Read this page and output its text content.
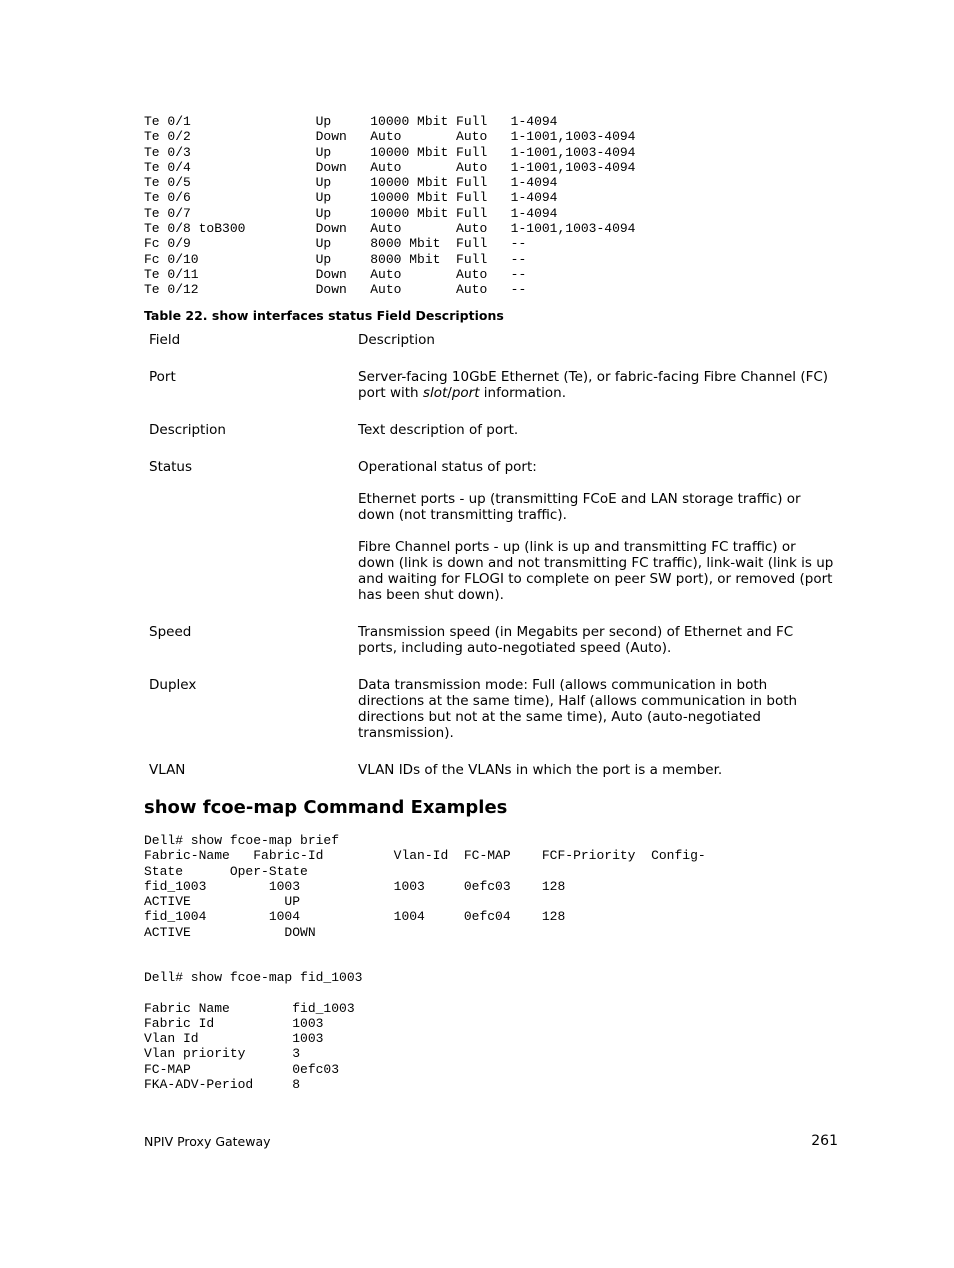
Te 0/1                Up     10000 Mbit Full   1-4094
Te 0/2                Down   Auto       Auto   1-1001,1003-4094
Te 0/3                Up     10000 Mbit Full   1-1001,1003-4094
Te 0/4                Down   Auto       Auto   1-1001,1003-4094
Te 0/5                Up     10000 Mbit Full   1-4094
Te 0/6                Up     10000 Mbit Full   1-4094
Te 0/7                Up     10000 Mbit Full   1-4094
Te 0/8 toB300         Down   Auto       Auto   1-1001,1003-4094
Fc 0/9                Up     8000 Mbit  Full   --
Fc 0/10               Up     8000 Mbit  Full   --
Te 0/11               Down   Auto       Auto   --
Te 0/12               Down   Auto       Auto   --
Table 22. show interfaces status Field Descriptions
Field	Description
Port	Server-facing 10GbE Ethernet (Te), or fabric-facing Fibre Channel (FC) port with slot/port information.

Description	Text description of port.

Status	Operational status of port:

Ethernet ports - up (transmitting FCoE and LAN storage traffic) or down (not transmitting traffic).

Fibre Channel ports - up (link is up and transmitting FC traffic) or down (link is down and not transmitting FC traffic), link-wait (link is up and waiting for FLOGI to complete on peer SW port), or removed (port has been shut down).

Speed	Transmission speed (in Megabits per second) of Ethernet and FC ports, including auto-negotiated speed (Auto).

Duplex	Data transmission mode: Full (allows communication in both directions at the same time), Half (allows communication in both directions but not at the same time), Auto (auto-negotiated transmission).

VLAN	VLAN IDs of the VLANs in which the port is a member.

show fcoe-map Command Examples
Dell# show fcoe-map brief
Fabric-Name   Fabric-Id         Vlan-Id  FC-MAP    FCF-Priority  Config-
State      Oper-State
fid_1003        1003            1003     0efc03    128
ACTIVE            UP
fid_1004        1004            1004     0efc04    128
ACTIVE            DOWN
Dell# show fcoe-map fid_1003

Fabric Name        fid_1003
Fabric Id          1003
Vlan Id            1003
Vlan priority      3
FC-MAP             0efc03
FKA-ADV-Period     8
NPIV Proxy Gateway	261
